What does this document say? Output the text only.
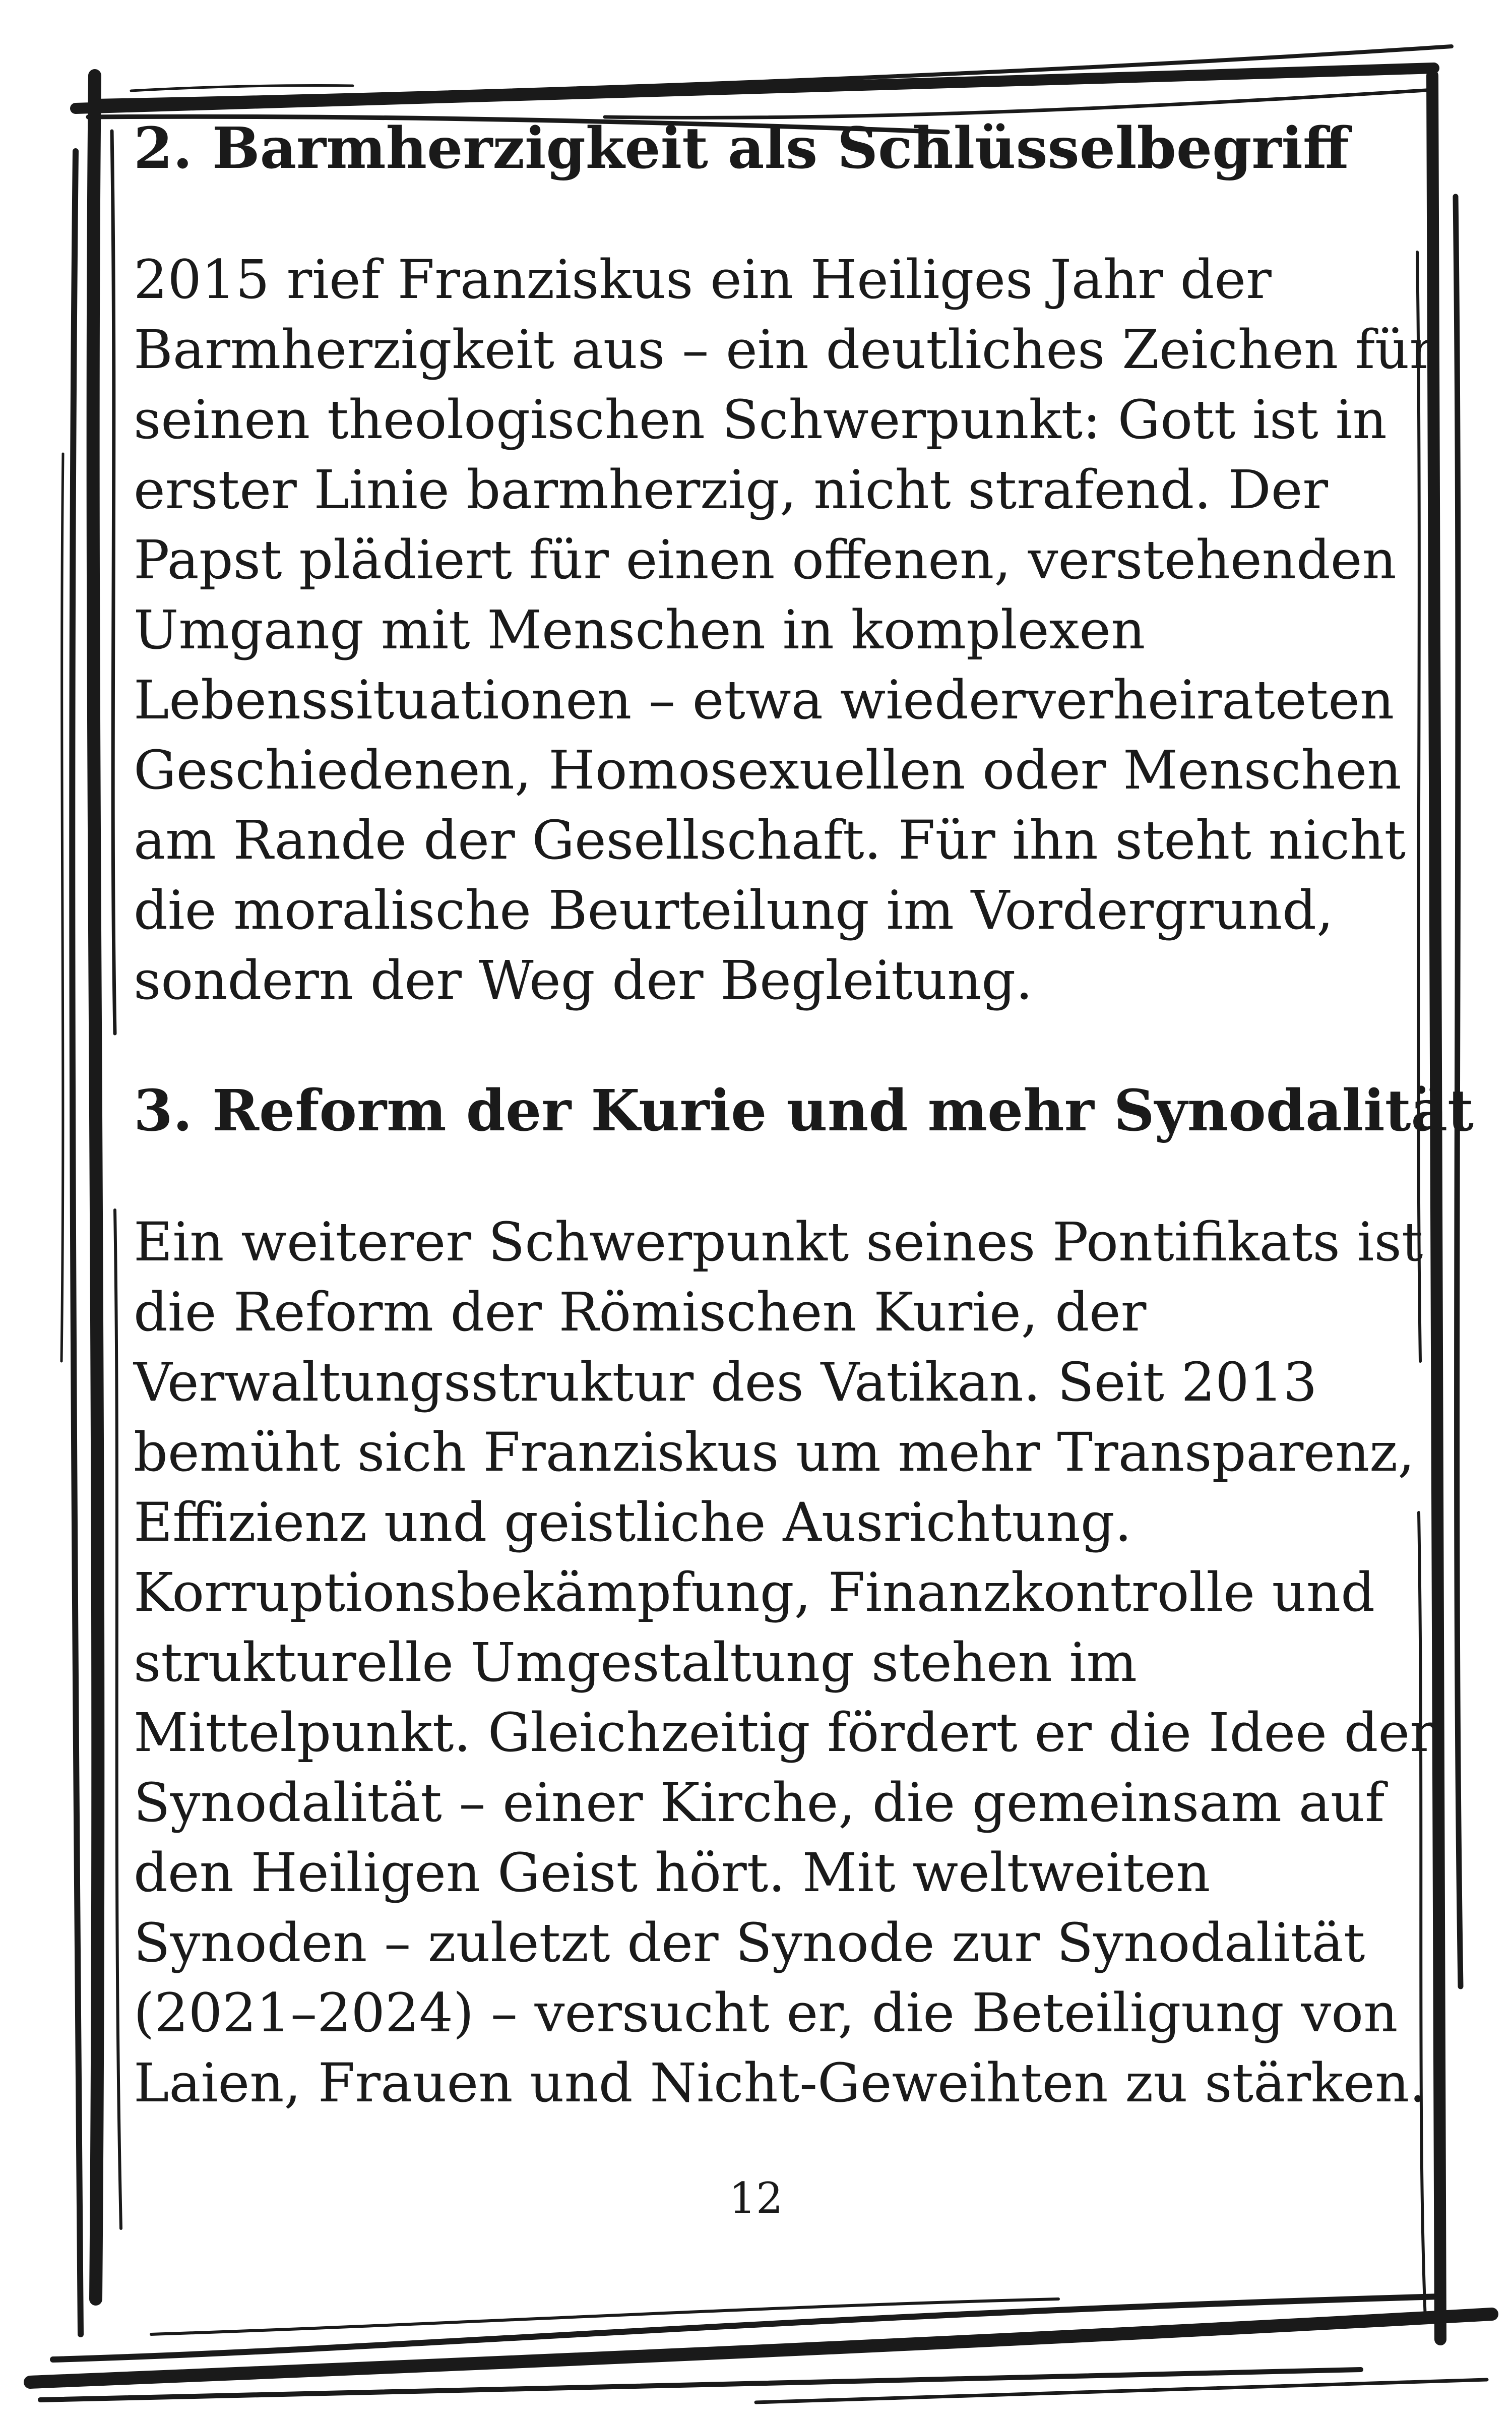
2. Barmherzigkeit als Schlüsselbegriff

2015 rief Franziskus ein Heiliges Jahr der
Barmherzigkeit aus – ein deutliches Zeichen für
seinen theologischen Schwerpunkt: Gott ist in
erster Linie barmherzig, nicht strafend. Der
Papst plädiert für einen offenen, verstehenden
Umgang mit Menschen in komplexen
Lebenssituationen – etwa wiederverheirateten
Geschiedenen, Homosexuellen oder Menschen
am Rande der Gesellschaft. Für ihn steht nicht
die moralische Beurteilung im Vordergrund,
sondern der Weg der Begleitung.

3. Reform der Kurie und mehr Synodalität

Ein weiterer Schwerpunkt seines Pontifikats ist
die Reform der Römischen Kurie, der
Verwaltungsstruktur des Vatikan. Seit 2013
bemüht sich Franziskus um mehr Transparenz,
Effizienz und geistliche Ausrichtung.
Korruptionsbekämpfung, Finanzkontrolle und
strukturelle Umgestaltung stehen im
Mittelpunkt. Gleichzeitig fördert er die Idee der
Synodalität – einer Kirche, die gemeinsam auf
den Heiligen Geist hört. Mit weltweiten
Synoden – zuletzt der Synode zur Synodalität
(2021–2024) – versucht er, die Beteiligung von
Laien, Frauen und Nicht-Geweihten zu stärken.

12
